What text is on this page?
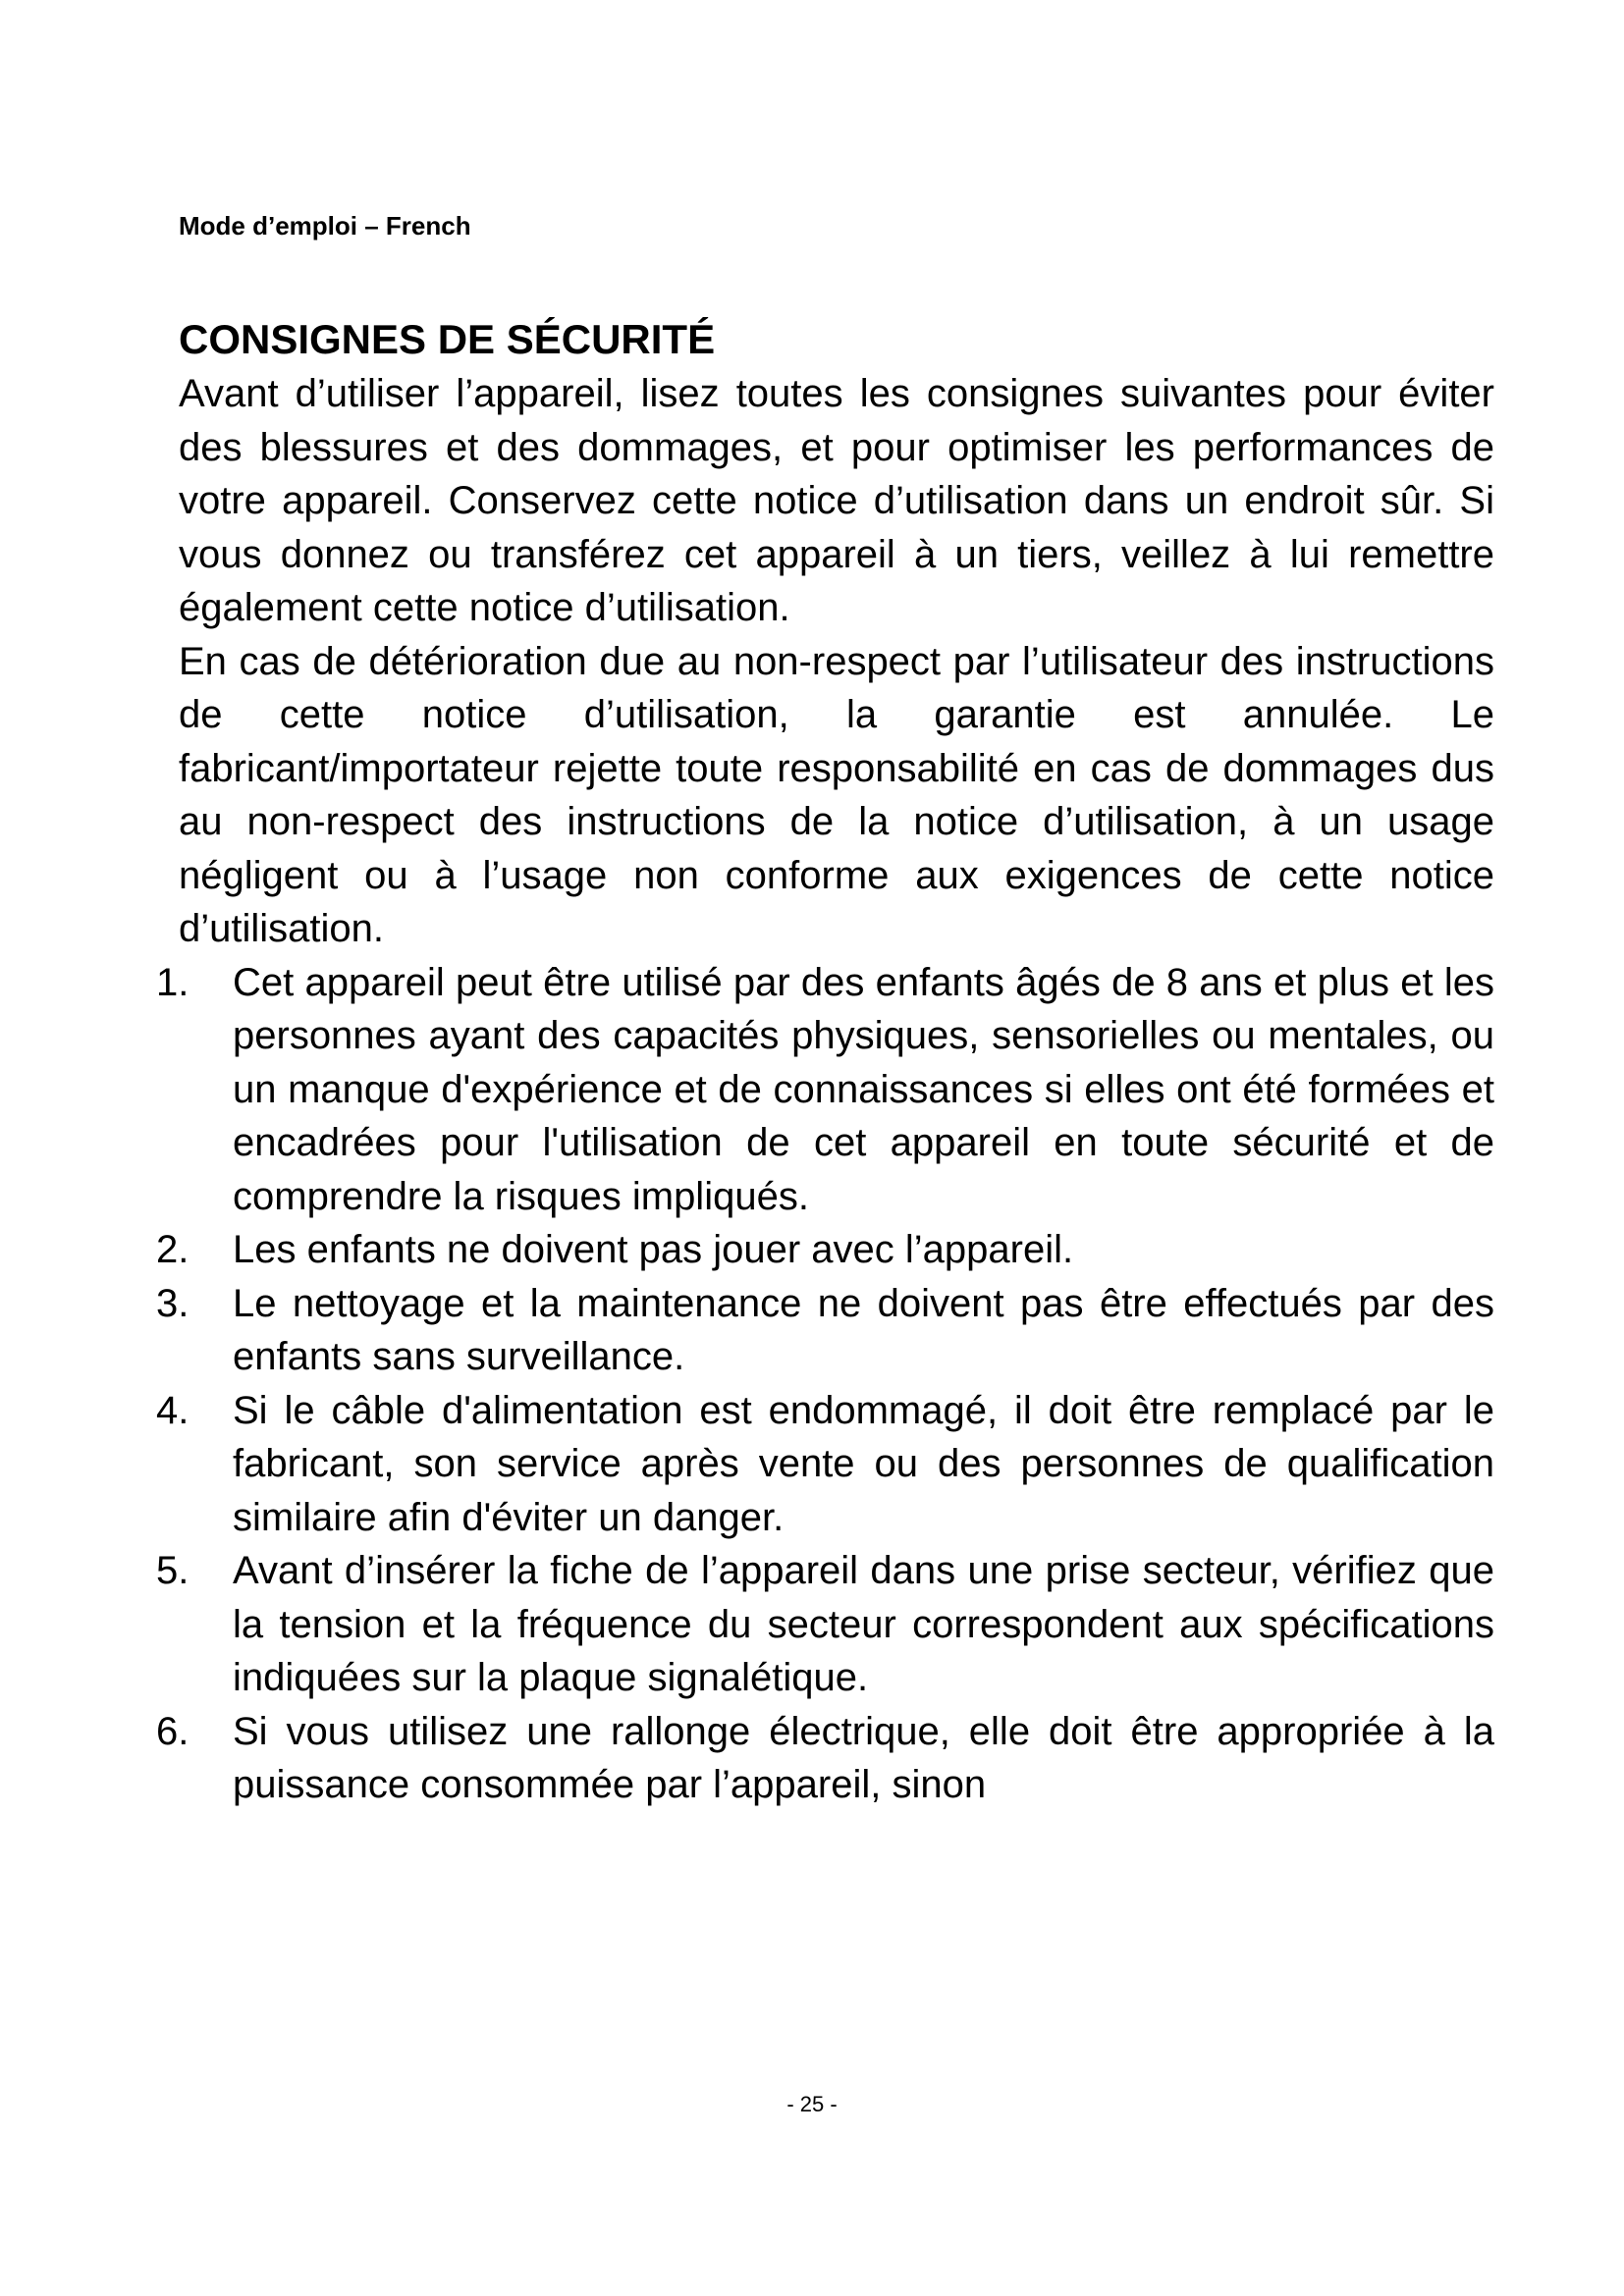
Mode d’emploi – French
CONSIGNES DE SÉCURITÉ

Avant d’utiliser l’appareil, lisez toutes les consignes suivantes pour éviter des blessures et des dommages, et pour optimiser les performances de votre appareil. Conservez cette notice d’utilisation dans un endroit sûr. Si vous donnez ou transférez cet appareil à un tiers, veillez à lui remettre également cette notice d’utilisation.

En cas de détérioration due au non-respect par l’utilisateur des instructions de cette notice d’utilisation, la garantie est annulée. Le fabricant/importateur rejette toute responsabilité en cas de dommages dus au non-respect des instructions de la notice d’utilisation, à un usage négligent ou à l’usage non conforme aux exigences de cette notice d’utilisation.

1.	Cet appareil peut être utilisé par des enfants âgés de 8 ans et plus et les personnes ayant des capacités physiques, sensorielles ou mentales, ou un manque d'expérience et de connaissances si elles ont été formées et encadrées pour l'utilisation de cet appareil en toute sécurité et de comprendre la risques impliqués.
2.	Les enfants ne doivent pas jouer avec l’appareil.
3.	Le nettoyage et la maintenance ne doivent pas être effectués par des enfants sans surveillance.
4.	Si le câble d'alimentation est endommagé, il doit être remplacé par le fabricant, son service après vente ou des personnes de qualification similaire afin d'éviter un danger.
5.	Avant d’insérer la fiche de l’appareil dans une prise secteur, vérifiez que la tension et la fréquence du secteur correspondent aux spécifications indiquées sur la plaque signalétique.
6.	Si vous utilisez une rallonge électrique, elle doit être appropriée à la puissance consommée par l’appareil, sinon
- 25 -
